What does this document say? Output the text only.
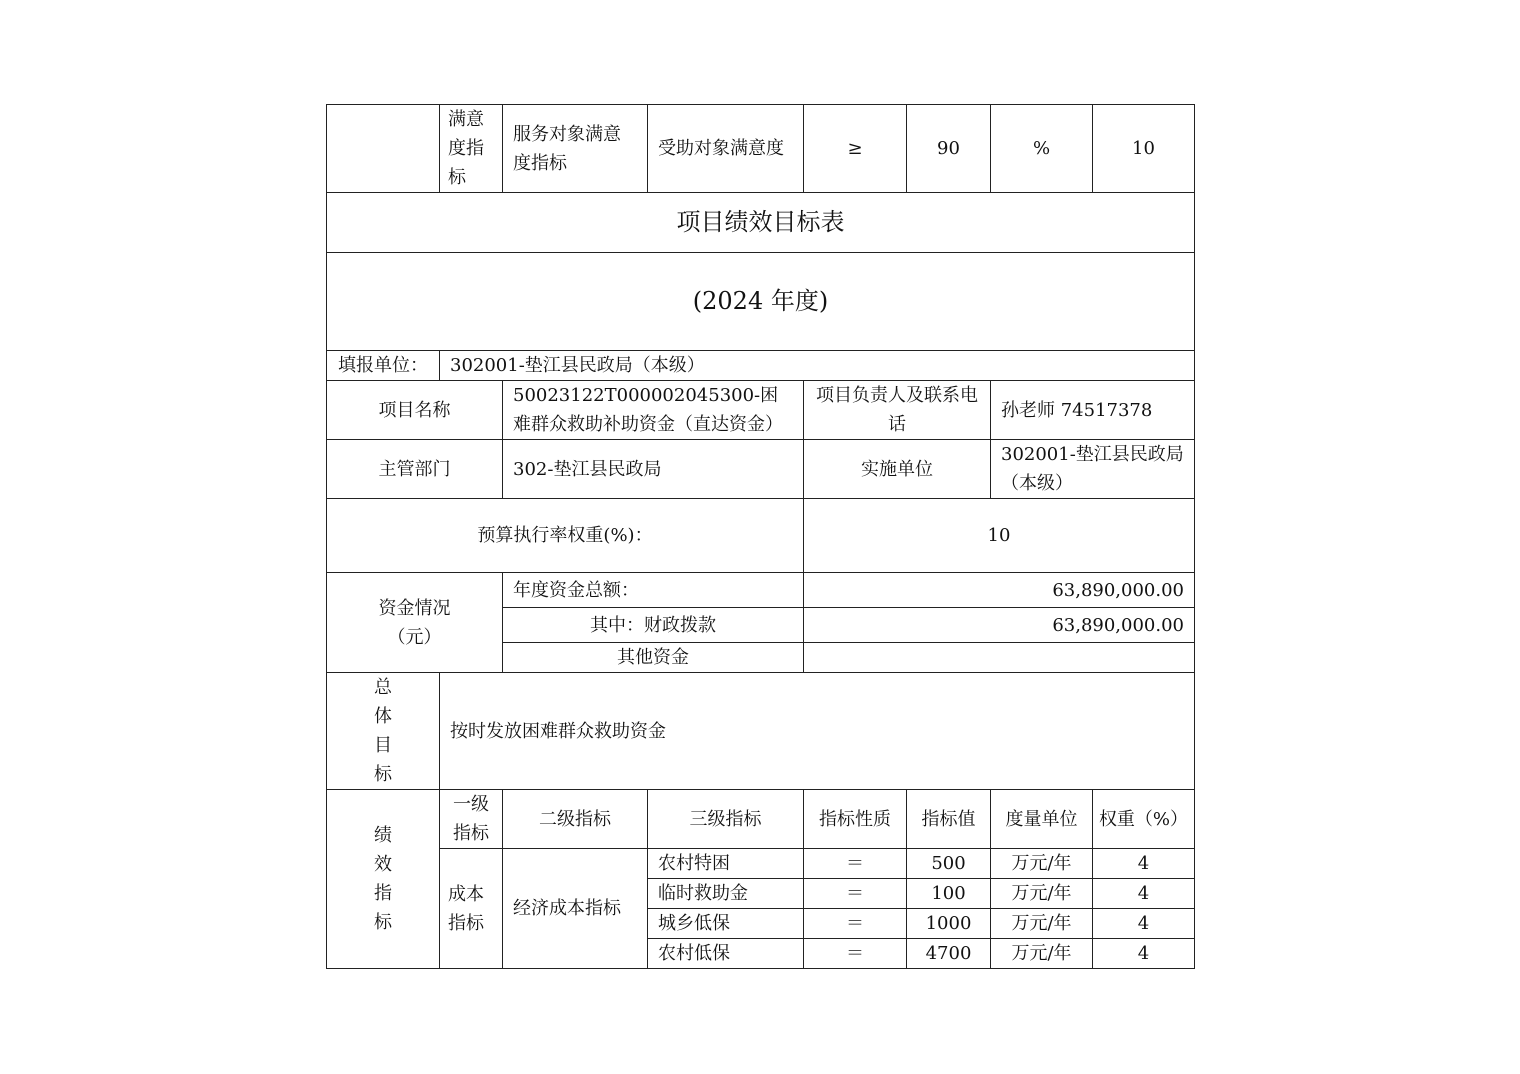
	满意度指标	服务对象满意度指标	受助对象满意度	≥	90	%	10
项目绩效目标表							
(2024 年度)							
填报单位：	302001-垫江县民政局（本级）						
项目名称		50023122T000002045300-困难群众救助补助资金（直达资金）		项目负责人及联系电话		孙老师 74517378	
主管部门		302-垫江县民政局		实施单位		302001-垫江县民政局（本级）	
预算执行率权重(%)：				10			
资金情况（元）		年度资金总额：		63,890,000.00			
		其中：财政拨款		63,890,000.00			
		其他资金					
总体目标	按时发放困难群众救助资金						
绩效指标	一级指标	二级指标	三级指标	指标性质	指标值	度量单位	权重（%）
	成本指标	经济成本指标	农村特困	＝	500	万元/年	4
			临时救助金	＝	100	万元/年	4
			城乡低保	＝	1000	万元/年	4
			农村低保	＝	4700	万元/年	4
